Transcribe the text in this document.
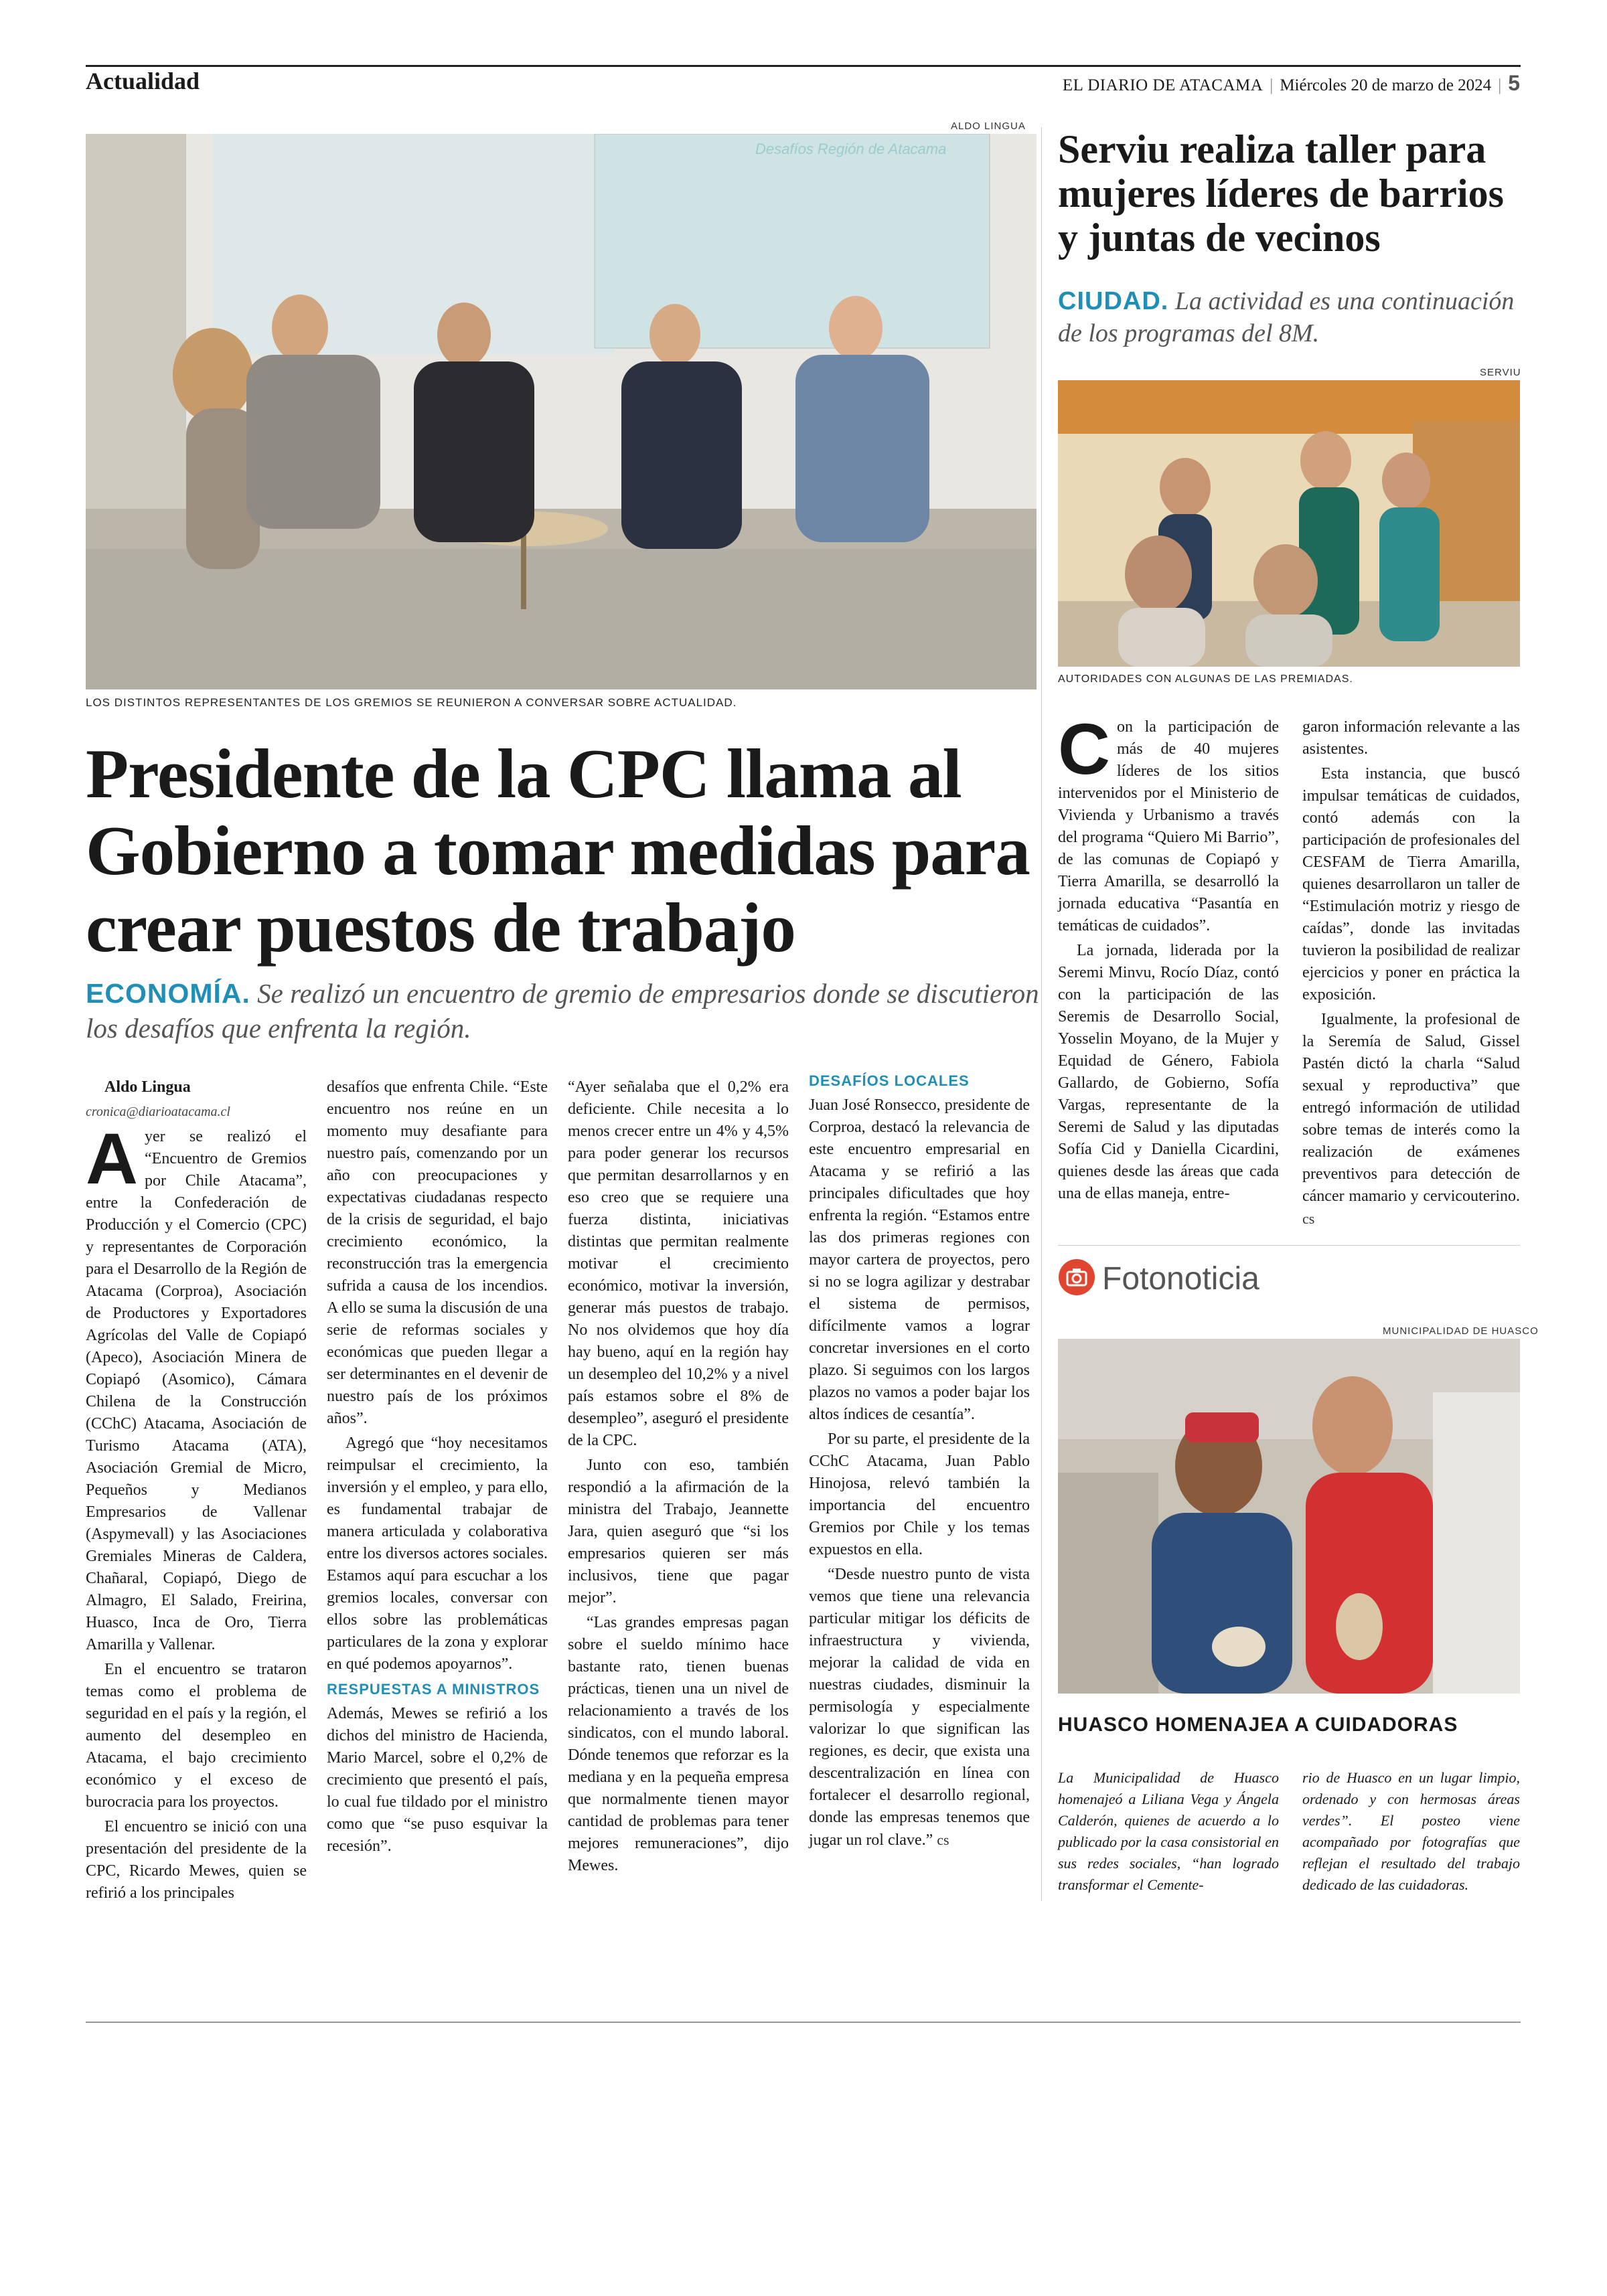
Actualidad	EL DIARIO DE ATACAMA | Miércoles 20 de marzo de 2024 | 5
ALDO LINGUA
Desafíos Región de Atacama
LOS DISTINTOS REPRESENTANTES DE LOS GREMIOS SE REUNIERON A CONVERSAR SOBRE ACTUALIDAD.
Presidente de la CPC llama al Gobierno a tomar medidas para crear puestos de trabajo

ECONOMÍA. Se realizó un encuentro de gremio de empresarios donde se discutieron los desafíos que enfrenta la región.

Aldo Lingua

cronica@diarioatacama.cl

Ayer se realizó el “Encuentro de Gremios por Chile Atacama”, entre la Confederación de Producción y el Comercio (CPC) y representantes de Corporación para el Desarrollo de la Región de Atacama (Corproa), Asociación de Productores y Exportadores Agrícolas del Valle de Copiapó (Apeco), Asociación Minera de Copiapó (Asomico), Cámara Chilena de la Construcción (CChC) Atacama, Asociación de Turismo Atacama (ATA), Asociación Gremial de Micro, Pequeños y Medianos Empresarios de Vallenar (Aspymevall) y las Asociaciones Gremiales Mineras de Caldera, Chañaral, Copiapó, Diego de Almagro, El Salado, Freirina, Huasco, Inca de Oro, Tierra Amarilla y Vallenar.

En el encuentro se trataron temas como el problema de seguridad en el país y la región, el aumento del desempleo en Atacama, el bajo crecimiento económico y el exceso de burocracia para los proyectos.

El encuentro se inició con una presentación del presidente de la CPC, Ricardo Mewes, quien se refirió a los principales

desafíos que enfrenta Chile. “Este encuentro nos reúne en un momento muy desafiante para nuestro país, comenzando por un año con preocupaciones y expectativas ciudadanas respecto de la crisis de seguridad, el bajo crecimiento económico, la reconstrucción tras la emergencia sufrida a causa de los incendios. A ello se suma la discusión de una serie de reformas sociales y económicas que pueden llegar a ser determinantes en el devenir de nuestro país de los próximos años”.

Agregó que “hoy necesitamos reimpulsar el crecimiento, la inversión y el empleo, y para ello, es fundamental trabajar de manera articulada y colaborativa entre los diversos actores sociales. Estamos aquí para escuchar a los gremios locales, conversar con ellos sobre las problemáticas particulares de la zona y explorar en qué podemos apoyarnos”.

RESPUESTAS A MINISTROS

Además, Mewes se refirió a los dichos del ministro de Hacienda, Mario Marcel, sobre el 0,2% de crecimiento que presentó el país, lo cual fue tildado por el ministro como que “se puso esquivar la recesión”.

“Ayer señalaba que el 0,2% era deficiente. Chile necesita a lo menos crecer entre un 4% y 4,5% para poder generar los recursos que permitan desarrollarnos y en eso creo que se requiere una fuerza distinta, iniciativas distintas que permitan realmente motivar el crecimiento económico, motivar la inversión, generar más puestos de trabajo. No nos olvidemos que hoy día hay bueno, aquí en la región hay un desempleo del 10,2% y a nivel país estamos sobre el 8% de desempleo”, aseguró el presidente de la CPC.

Junto con eso, también respondió a la afirmación de la ministra del Trabajo, Jeannette Jara, quien aseguró que “si los empresarios quieren ser más inclusivos, tiene que pagar mejor”.

“Las grandes empresas pagan sobre el sueldo mínimo hace bastante rato, tienen buenas prácticas, tienen una un nivel de relacionamiento a través de los sindicatos, con el mundo laboral. Dónde tenemos que reforzar es la mediana y en la pequeña empresa que normalmente tienen mayor cantidad de problemas para tener mejores remuneraciones”, dijo Mewes.

DESAFÍOS LOCALES

Juan José Ronsecco, presidente de Corproa, destacó la relevancia de este encuentro empresarial en Atacama y se refirió a las principales dificultades que hoy enfrenta la región. “Estamos entre las dos primeras regiones con mayor cartera de proyectos, pero si no se logra agilizar y destrabar el sistema de permisos, difícilmente vamos a lograr concretar inversiones en el corto plazo. Si seguimos con los largos plazos no vamos a poder bajar los altos índices de cesantía”.

Por su parte, el presidente de la CChC Atacama, Juan Pablo Hinojosa, relevó también la importancia del encuentro Gremios por Chile y los temas expuestos en ella.

“Desde nuestro punto de vista vemos que tiene una relevancia particular mitigar los déficits de infraestructura y vivienda, mejorar la calidad de vida en nuestras ciudades, disminuir la permisología y especialmente valorizar lo que significan las regiones, es decir, que exista una descentralización en línea con fortalecer el desarrollo regional, donde las empresas tenemos que jugar un rol clave.” cs

Serviu realiza taller para mujeres líderes de barrios y juntas de vecinos

CIUDAD. La actividad es una continuación de los programas del 8M.

SERVIU
AUTORIDADES CON ALGUNAS DE LAS PREMIADAS.

Con la participación de más de 40 mujeres líderes de los sitios intervenidos por el Ministerio de Vivienda y Urbanismo a través del programa “Quiero Mi Barrio”, de las comunas de Copiapó y Tierra Amarilla, se desarrolló la jornada educativa “Pasantía en temáticas de cuidados”.

La jornada, liderada por la Seremi Minvu, Rocío Díaz, contó con la participación de las Seremis de Desarrollo Social, Yosselin Moyano, de la Mujer y Equidad de Género, Fabiola Gallardo, de Gobierno, Sofía Vargas, representante de la Seremi de Salud y las diputadas Sofía Cid y Daniella Cicardini, quienes desde las áreas que cada una de ellas maneja, entre-

garon información relevante a las asistentes.

Esta instancia, que buscó impulsar temáticas de cuidados, contó además con la participación de profesionales del CESFAM de Tierra Amarilla, quienes desarrollaron un taller de “Estimulación motriz y riesgo de caídas”, donde las invitadas tuvieron la posibilidad de realizar ejercicios y poner en práctica la exposición.

Igualmente, la profesional de la Seremía de Salud, Gissel Pastén dictó la charla “Salud sexual y reproductiva” que entregó información de utilidad sobre temas de interés como la realización de exámenes preventivos para detección de cáncer mamario y cervicouterino. cs

Fotonoticia
MUNICIPALIDAD DE HUASCO
HUASCO HOMENAJEA A CUIDADORAS

La Municipalidad de Huasco homenajeó a Liliana Vega y Ángela Calderón, quienes de acuerdo a lo publicado por la casa consistorial en sus redes sociales, “han logrado transformar el Cemente-

rio de Huasco en un lugar limpio, ordenado y con hermosas áreas verdes”. El posteo viene acompañado por fotografías que reflejan el resultado del trabajo dedicado de las cuidadoras.
